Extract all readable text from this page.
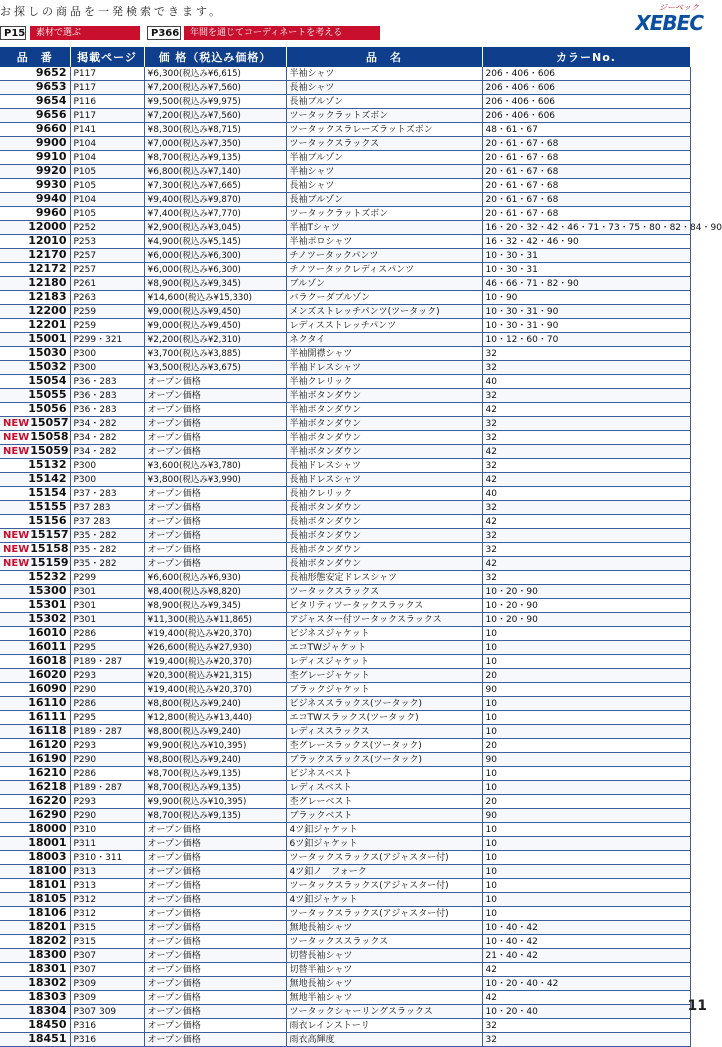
お探しの商品を一発検索できます。
P15	素材で選ぶ	P366	年間を通じてコーディネートを考える
ジーベック
XEBEC
品　番	掲載ページ	価 格（税込み価格）	品　名	カラーNo.
9652	P117	¥6,300(税込み¥6,615)	半袖シャツ	206・406・606
9653	P117	¥7,200(税込み¥7,560)	長袖シャツ	206・406・606
9654	P116	¥9,500(税込み¥9,975)	長袖ブルゾン	206・406・606
9656	P117	¥7,200(税込み¥7,560)	ツータックラットズボン	206・406・606
9660	P141	¥8,300(税込み¥8,715)	ツータックスラレーズラットズボン	48・61・67
9900	P104	¥7,000(税込み¥7,350)	ツータックスラックス	20・61・67・68
9910	P104	¥8,700(税込み¥9,135)	半袖ブルゾン	20・61・67・68
9920	P105	¥6,800(税込み¥7,140)	半袖シャツ	20・61・67・68
9930	P105	¥7,300(税込み¥7,665)	長袖シャツ	20・61・67・68
9940	P104	¥9,400(税込み¥9,870)	長袖ブルゾン	20・61・67・68
9960	P105	¥7,400(税込み¥7,770)	ツータックラットズボン	20・61・67・68
12000	P252	¥2,900(税込み¥3,045)	半袖Tシャツ	16・20・32・42・46・71・73・75・80・82・84・90
12010	P253	¥4,900(税込み¥5,145)	半袖ポロシャツ	16・32・42・46・90
12170	P257	¥6,000(税込み¥6,300)	チノツータックパンツ	10・30・31
12172	P257	¥6,000(税込み¥6,300)	チノツータックレディスパンツ	10・30・31
12180	P261	¥8,900(税込み¥9,345)	ブルゾン	46・66・71・82・90
12183	P263	¥14,600(税込み¥15,330)	バラクーダブルゾン	10・90
12200	P259	¥9,000(税込み¥9,450)	メンズストレッチパンツ(ツータック)	10・30・31・90
12201	P259	¥9,000(税込み¥9,450)	レディスストレッチパンツ	10・30・31・90
15001	P299・321	¥2,200(税込み¥2,310)	ネクタイ	10・12・60・70
15030	P300	¥3,700(税込み¥3,885)	半袖開襟シャツ	32
15032	P300	¥3,500(税込み¥3,675)	半袖ドレスシャツ	32
15054	P36・283	オープン価格	半袖クレリック	40
15055	P36・283	オープン価格	半袖ボタンダウン	32
15056	P36・283	オープン価格	半袖ボタンダウン	42
NEW15057	P34・282	オープン価格	半袖ボタンダウン	32
NEW15058	P34・282	オープン価格	半袖ボタンダウン	32
NEW15059	P34・282	オープン価格	半袖ボタンダウン	42
15132	P300	¥3,600(税込み¥3,780)	長袖ドレスシャツ	32
15142	P300	¥3,800(税込み¥3,990)	長袖ドレスシャツ	42
15154	P37・283	オープン価格	長袖クレリック	40
15155	P37 283	オープン価格	長袖ボタンダウン	32
15156	P37 283	オープン価格	長袖ボタンダウン	42
NEW15157	P35・282	オープン価格	長袖ボタンダウン	32
NEW15158	P35・282	オープン価格	長袖ボタンダウン	32
NEW15159	P35・282	オープン価格	長袖ボタンダウン	42
15232	P299	¥6,600(税込み¥6,930)	長袖形態安定ドレスシャツ	32
15300	P301	¥8,400(税込み¥8,820)	ツータックスラックス	10・20・90
15301	P301	¥8,900(税込み¥9,345)	ビタリティツータックスラックス	10・20・90
15302	P301	¥11,300(税込み¥11,865)	アジャスター付ツータックスラックス	10・20・90
16010	P286	¥19,400(税込み¥20,370)	ビジネスジャケット	10
16011	P295	¥26,600(税込み¥27,930)	エコTWジャケット	10
16018	P189・287	¥19,400(税込み¥20,370)	レディスジャケット	10
16020	P293	¥20,300(税込み¥21,315)	杢グレージャケット	20
16090	P290	¥19,400(税込み¥20,370)	ブラックジャケット	90
16110	P286	¥8,800(税込み¥9,240)	ビジネススラックス(ツータック)	10
16111	P295	¥12,800(税込み¥13,440)	エコTWスラックス(ツータック)	10
16118	P189・287	¥8,800(税込み¥9,240)	レディススラックス	10
16120	P293	¥9,900(税込み¥10,395)	杢グレースラックス(ツータック)	20
16190	P290	¥8,800(税込み¥9,240)	ブラックスラックス(ツータック)	90
16210	P286	¥8,700(税込み¥9,135)	ビジネスベスト	10
16218	P189・287	¥8,700(税込み¥9,135)	レディスベスト	10
16220	P293	¥9,900(税込み¥10,395)	杢グレーベスト	20
16290	P290	¥8,700(税込み¥9,135)	ブラックベスト	90
18000	P310	オープン価格	4ツ釦ジャケット	10
18001	P311	オープン価格	6ツ釦ジャケット	10
18003	P310・311	オープン価格	ツータックスラックス(アジャスター付)	10
18100	P313	オープン価格	4ツ釦ノ　フォーク	10
18101	P313	オープン価格	ツータックスラックス(アジャスター付)	10
18105	P312	オープン価格	4ツ釦ジャケット	10
18106	P312	オープン価格	ツータックスラックス(アジャスター付)	10
18201	P315	オープン価格	無地長袖シャツ	10・40・42
18202	P315	オープン価格	ツータックススラックス	10・40・42
18300	P307	オープン価格	切替長袖シャツ	21・40・42
18301	P307	オープン価格	切替半袖シャツ	42
18302	P309	オープン価格	無地長袖シャツ	10・20・40・42
18303	P309	オープン価格	無地半袖シャツ	42
18304	P307 309	オープン価格	ツータックシャーリングスラックス	10・20・40
18450	P316	オープン価格	雨衣レインストーリ	32
18451	P316	オープン価格	雨衣高輝度	32
11
